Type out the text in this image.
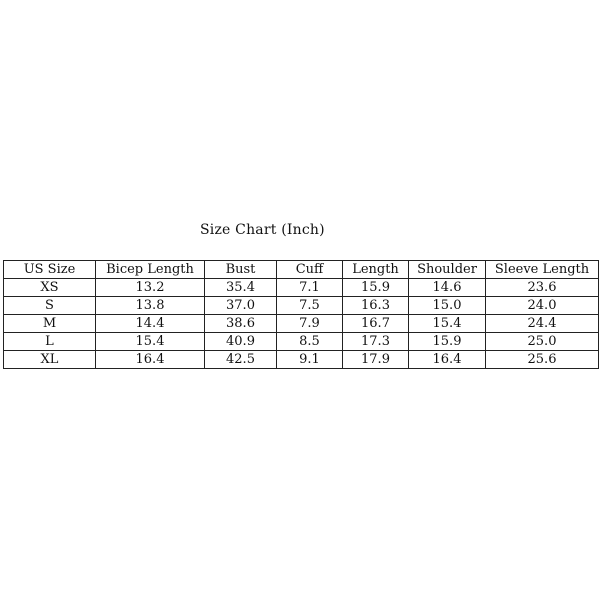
Size Chart (Inch)
US Size	Bicep Length	Bust	Cuff	Length	Shoulder	Sleeve Length
XS	13.2	35.4	7.1	15.9	14.6	23.6
S	13.8	37.0	7.5	16.3	15.0	24.0
M	14.4	38.6	7.9	16.7	15.4	24.4
L	15.4	40.9	8.5	17.3	15.9	25.0
XL	16.4	42.5	9.1	17.9	16.4	25.6
